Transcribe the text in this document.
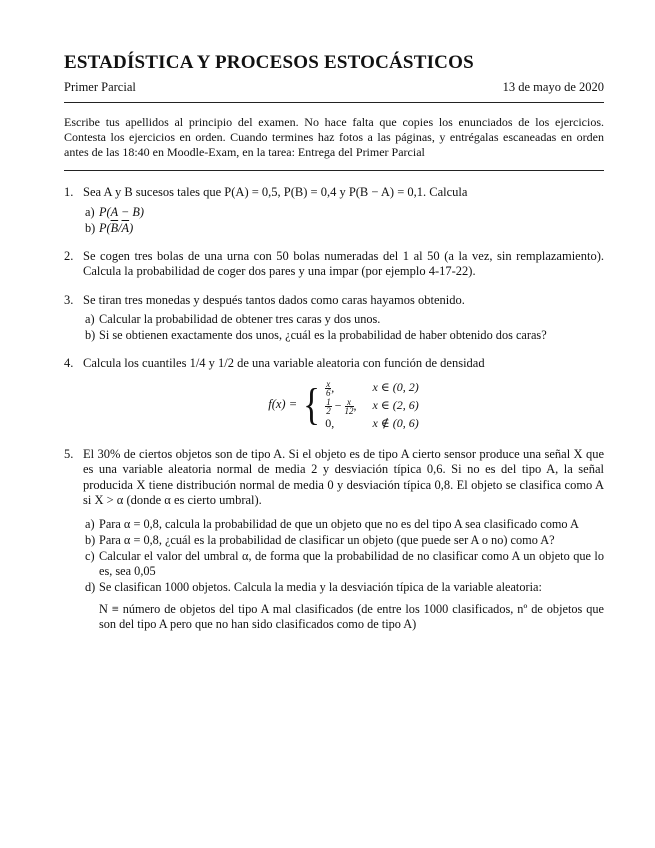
ESTADÍSTICA Y PROCESOS ESTOCÁSTICOS
Primer Parcial	13 de mayo de 2020

Escribe tus apellidos al principio del examen. No hace falta que copies los enunciados de los ejercicios. Contesta los ejercicios en orden. Cuando termines haz fotos a las páginas, y entrégalas escaneadas en orden antes de las 18:40 en Moodle-Exam, en la tarea: Entrega del Primer Parcial

1. Sea A y B sucesos tales que P(A) = 0,5, P(B) = 0,4 y P(B − A) = 0,1. Calcula
a) P(A − B)
b) $P(\overline{B}/\overline{A})$
2. Se cogen tres bolas de una urna con 50 bolas numeradas del 1 al 50 (a la vez, sin remplazamiento). Calcula la probabilidad de coger dos pares y una impar (por ejemplo 4-17-22).
3. Se tiran tres monedas y después tantos dados como caras hayamos obtenido.
a) Calcular la probabilidad de obtener tres caras y dos unos.
b) Si se obtienen exactamente dos unos, ¿cuál es la probabilidad de haber obtenido dos caras?
4. Calcula los cuantiles 1/4 y 1/2 de una variable aleatoria con función de densidad
f(x) = { $\frac{x}{6}$ ,	x ∈ (0, 2)
$\frac{1}{2} - \frac{x}{12}$ , x ∈ (2, 6)
0,	x ∉ (0, 6)
5. El 30% de ciertos objetos son de tipo A. Si el objeto es de tipo A cierto sensor produce una señal X que es una variable aleatoria normal de media 2 y desviación típica 0,6. Si no es del tipo A, la señal producida X tiene distribución normal de media 0 y desviación típica 0,8. El objeto se clasifica como A si X > α (donde α es cierto umbral).
a) Para α = 0,8, calcula la probabilidad de que un objeto que no es del tipo A sea clasificado como A
b) Para α = 0,8, ¿cuál es la probabilidad de clasificar un objeto (que puede ser A o no) como A?
c) Calcular el valor del umbral α, de forma que la probabilidad de no clasificar como A un objeto que lo es, sea 0,05
d) Se clasifican 1000 objetos. Calcula la media y la desviación típica de la variable aleatoria:

N ≡ número de objetos del tipo A mal clasificados (de entre los 1000 clasificados, nº de objetos que son del tipo A pero que no han sido clasificados como de tipo A)
